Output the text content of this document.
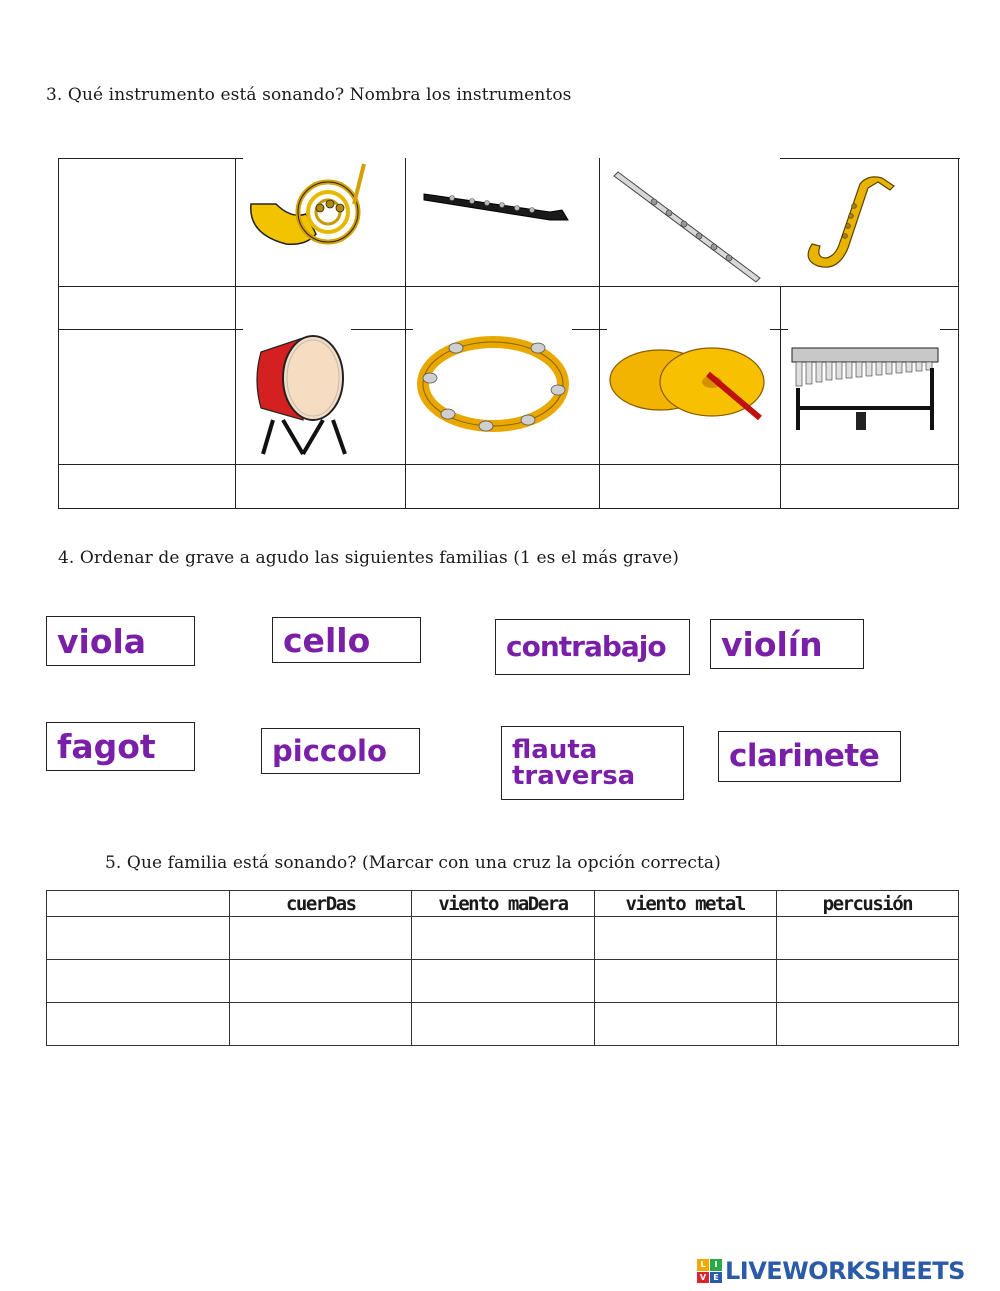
3. Qué instrumento está sonando? Nombra los instrumentos
4. Ordenar de grave a agudo las siguientes familias (1 es el más grave)
viola	cello	contrabajo	violín
fagot	piccolo	flauta
traversa
clarinete
5. Que familia está sonando? (Marcar con una cruz la opción correcta)
	cuerDas	viento maDera	viento metal	percusión

L	I
V E LIVEWORKSHEETS
